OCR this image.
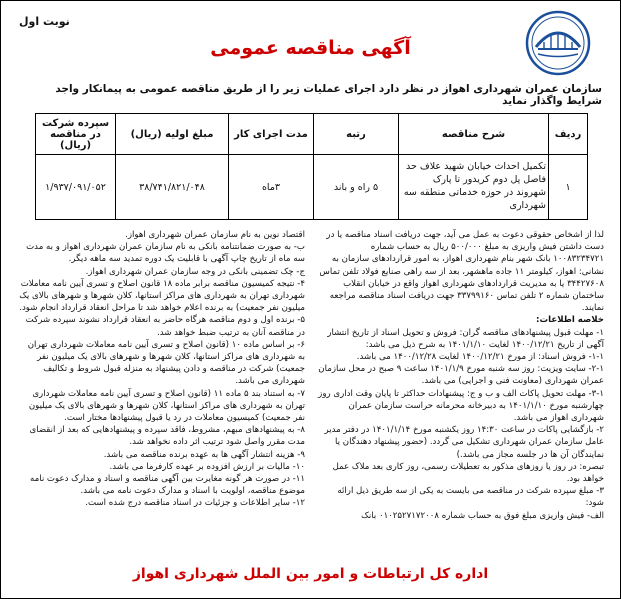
نوبت اول
آگهی مناقصه عمومی
سازمان عمران شهرداری اهواز در نظر دارد اجرای عملیات زیر را از طریق مناقصه عمومی به پیمانکار واجد شرایط واگذار نماید
ردیف	شرح مناقصه	رتبه	مدت اجرای کار	مبلغ اولیه (ریال)	سپرده شرکت در مناقصه (ریال)
۱	تکمیل احداث خیابان شهید علاف حد فاصل پل دوم کریدور تا پارک شهروند در حوزه خدماتی منطقه سه شهرداری	۵ راه و باند	۳ماه	۳۸/۷۴۱/۸۲۱/۰۴۸	۱/۹۳۷/۰۹۱/۰۵۲

لذا از اشخاص حقوقی دعوت به عمل می آید، جهت دریافت اسناد مناقصه یا در دست داشتن فیش واریزی به مبلغ ۵۰۰/۰۰۰ ریال به حساب شماره ۱۰۰۸۳۲۳۴۷۲۱ بانک شهر بنام شهرداری اهواز، به امور قراردادهای سازمان به نشانی: اهواز، کیلومتر ۱۱ جاده ماهشهر، بعد از سه راهی صنایع فولاد تلفن تماس ۳۴۴۲۷۶۰۸ یا به مدیریت قراردادهای شهرداری اهواز واقع در خیابان انقلاب ساختمان شماره ۲ تلفن تماس ۳۳۷۹۹۱۶۰ جهت دریافت اسناد مناقصه مراجعه نمایند.

خلاصه اطلاعات:

۱- مهلت قبول پیشنهادهای مناقصه گران: فروش و تحویل اسناد از تاریخ انتشار آگهی از تاریخ ۱۴۰۰/۱۲/۲۱ لغایت ۱۴۰۱/۱/۱۰ به شرح ذیل می باشد:

۱-۱- فروش اسناد: از مورخ ۱۴۰۰/۱۲/۲۱ لغایت ۱۴۰۰/۱۲/۲۸ می باشد.

۲-۱- سایت ویزیت: روز سه شنبه مورخ ۱۴۰۱/۱/۹ ساعت ۹ صبح در محل سازمان عمران شهرداری (معاونت فنی و اجرایی) می باشد.

۳-۱- مهلت تحویل پاکات الف و ب و ج: پیشنهادات حداکثر تا پایان وقت اداری روز چهارشنبه مورخ ۱۴۰۱/۱/۱۰ به دبیرخانه محرمانه حراست سازمان عمران شهرداری اهواز می باشد.

۲- بازگشایی پاکات در ساعت ۱۴:۳۰ روز یکشنبه مورخ ۱۴۰۱/۱/۱۴ در دفتر مدیر عامل سازمان عمران شهرداری تشکیل می گردد. (حضور پیشنهاد دهندگان یا نمایندگان آن ها در جلسه مجاز می باشد.)

تبصره: در روز یا روزهای مذکور به تعطیلات رسمی، روز کاری بعد ملاک عمل خواهد بود.

۳- مبلغ سپرده شرکت در مناقصه می بایست به یکی از سه طریق ذیل ارائه شود:

الف- فیش واریزی مبلغ فوق به حساب شماره ۰۱۰۲۵۲۷۱۷۲۰۰۸ بانک

اقتصاد نوین به نام سازمان عمران شهرداری اهواز.

ب- به صورت ضمانتنامه بانکی به نام سازمان عمران شهرداری اهواز و به مدت سه ماه از تاریخ چاپ آگهی با قابلیت یک دوره تمدید سه ماهه دیگر.

ج- چک تضمینی بانکی در وجه سازمان عمران شهرداری اهواز.

۴- نتیجه کمیسیون مناقصه برابر ماده ۱۸ قانون اصلاح و تسری آیین نامه معاملات شهرداری تهران به شهرداری های مراکز استانها، کلان شهرها و شهرهای بالای یک میلیون نفر جمعیت) به برنده اعلام خواهد شد تا مراحل انعقاد قرارداد انجام شود.

۵- برنده اول و دوم مناقصه هرگاه حاضر به انعقاد قرارداد نشوند سپرده شرکت در مناقصه آنان به ترتیب ضبط خواهد شد.

۶- بر اساس ماده ۱۰ (قانون اصلاح و تسری آیین نامه معاملات شهرداری تهران به شهرداری های مراکز استانها، کلان شهرها و شهرهای بالای یک میلیون نفر جمعیت) شرکت در مناقصه و دادن پیشنهاد به منزله قبول شروط و تکالیف شهرداری می باشد.

۷- به استناد بند ۵ ماده ۱۱ (قانون اصلاح و تسری آیین نامه معاملات شهرداری تهران به شهرداری های مراکز استانها، کلان شهرها و شهرهای بالای یک میلیون نفر جمعیت) کمیسیون معاملات در رد یا قبول پیشنهادها مختار است.

۸- به پیشنهادهای مبهم، مشروط، فاقد سپرده و پیشنهادهایی که بعد از انقضای مدت مقرر واصل شود ترتیب اثر داده نخواهد شد.

۹- هزینه انتشار آگهی ها به عهده برنده مناقصه می باشد.

۱۰- مالیات بر ارزش افزوده بر عهده کارفرما می باشد.

۱۱- در صورت هر گونه مغایرت بین آگهی مناقصه و اسناد و مدارک دعوت نامه موضوع مناقصه، اولویت با اسناد و مدارک دعوت نامه می باشد.

۱۲- سایر اطلاعات و جزئیات در اسناد مناقصه درج شده است.

اداره کل ارتباطات و امور بین الملل شهرداری اهواز
